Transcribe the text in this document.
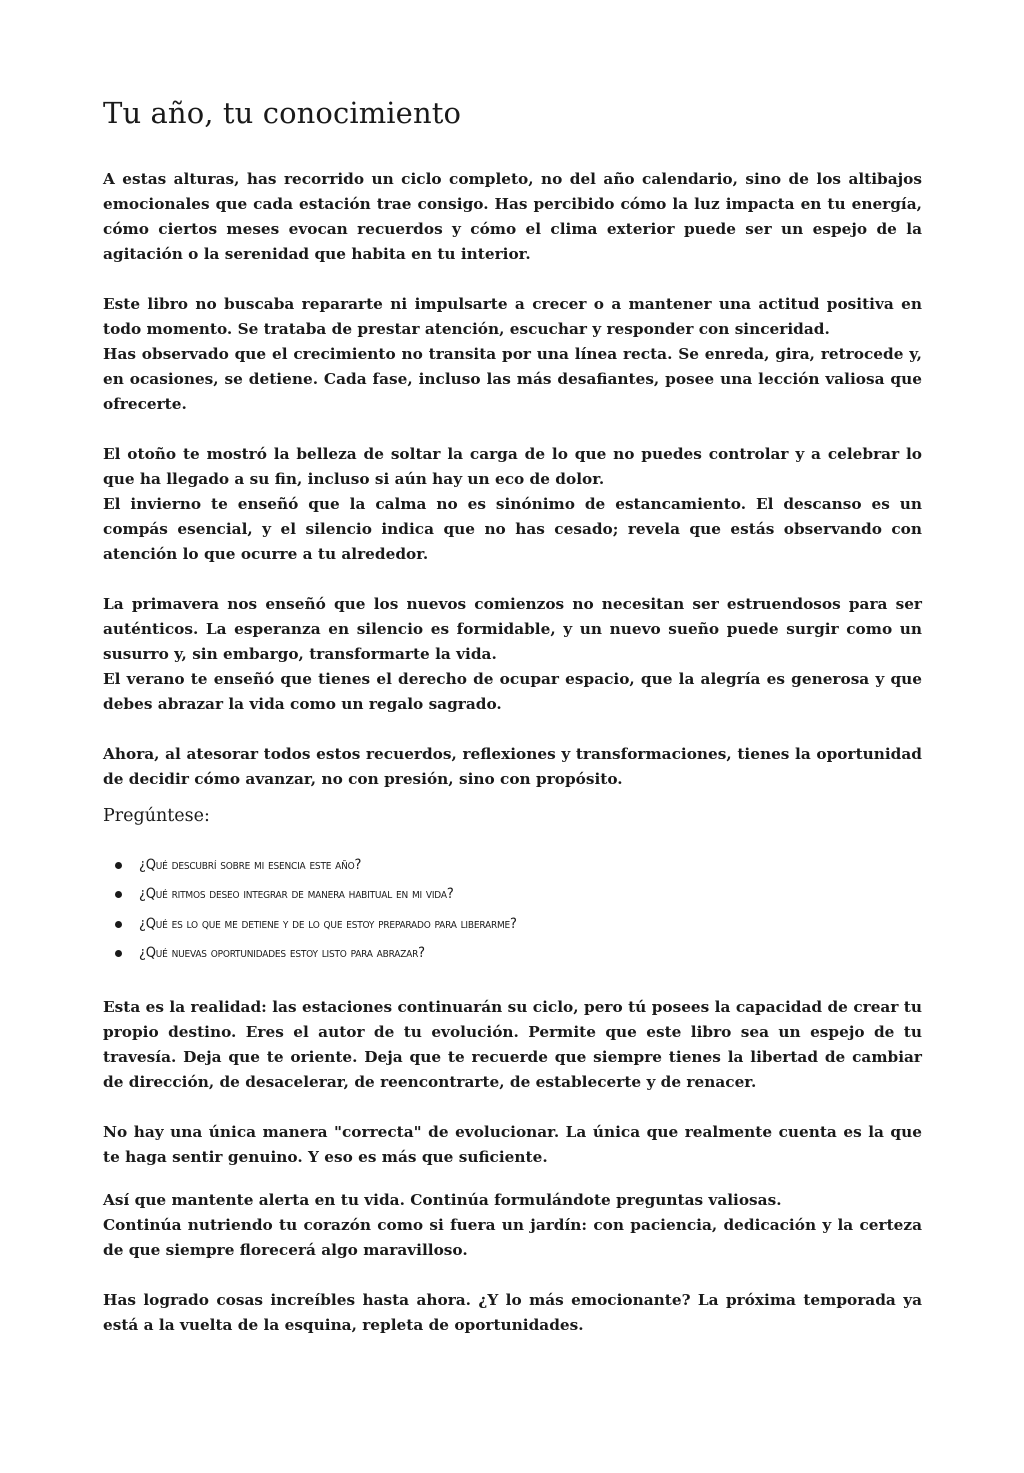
Tu año, tu conocimiento

A estas alturas, has recorrido un ciclo completo, no del año calendario, sino de los altibajos emocionales que cada estación trae consigo. Has percibido cómo la luz impacta en tu energía, cómo ciertos meses evocan recuerdos y cómo el clima exterior puede ser un espejo de la agitación o la serenidad que habita en tu interior.

Este libro no buscaba repararte ni impulsarte a crecer o a mantener una actitud positiva en todo momento. Se trataba de prestar atención, escuchar y responder con sinceridad.

Has observado que el crecimiento no transita por una línea recta. Se enreda, gira, retrocede y, en ocasiones, se detiene. Cada fase, incluso las más desafiantes, posee una lección valiosa que ofrecerte.

El otoño te mostró la belleza de soltar la carga de lo que no puedes controlar y a celebrar lo que ha llegado a su fin, incluso si aún hay un eco de dolor.

El invierno te enseñó que la calma no es sinónimo de estancamiento. El descanso es un compás esencial, y el silencio indica que no has cesado; revela que estás observando con atención lo que ocurre a tu alrededor.

La primavera nos enseñó que los nuevos comienzos no necesitan ser estruendosos para ser auténticos. La esperanza en silencio es formidable, y un nuevo sueño puede surgir como un susurro y, sin embargo, transformarte la vida.

El verano te enseñó que tienes el derecho de ocupar espacio, que la alegría es generosa y que debes abrazar la vida como un regalo sagrado.

Ahora, al atesorar todos estos recuerdos, reflexiones y transformaciones, tienes la oportunidad de decidir cómo avanzar, no con presión, sino con propósito.

Pregúntese:
¿Qué descubrí sobre mi esencia este año?
¿Qué ritmos deseo integrar de manera habitual en mi vida?
¿Qué es lo que me detiene y de lo que estoy preparado para liberarme?
¿Qué nuevas oportunidades estoy listo para abrazar?

Esta es la realidad: las estaciones continuarán su ciclo, pero tú posees la capacidad de crear tu propio destino. Eres el autor de tu evolución. Permite que este libro sea un espejo de tu travesía. Deja que te oriente. Deja que te recuerde que siempre tienes la libertad de cambiar de dirección, de desacelerar, de reencontrarte, de establecerte y de renacer.

No hay una única manera "correcta" de evolucionar. La única que realmente cuenta es la que te haga sentir genuino. Y eso es más que suficiente.

Así que mantente alerta en tu vida. Continúa formulándote preguntas valiosas.

Continúa nutriendo tu corazón como si fuera un jardín: con paciencia, dedicación y la certeza de que siempre florecerá algo maravilloso.

Has logrado cosas increíbles hasta ahora. ¿Y lo más emocionante? La próxima temporada ya está a la vuelta de la esquina, repleta de oportunidades.
